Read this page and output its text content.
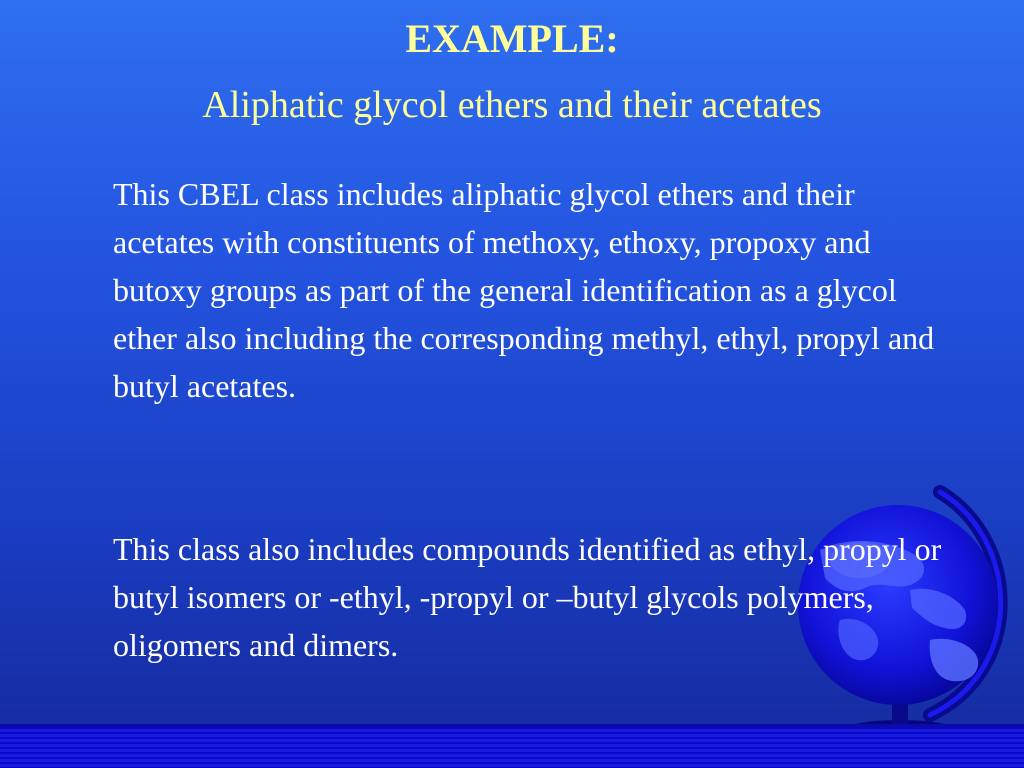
EXAMPLE:
Aliphatic glycol ethers and their acetates
This CBEL class includes aliphatic glycol ethers and their acetates with constituents of methoxy, ethoxy, propoxy and butoxy groups as part of the general identification as a glycol ether also including the corresponding methyl, ethyl, propyl and butyl acetates.
This class also includes compounds identified as ethyl, propyl or butyl isomers or -ethyl, -propyl or –butyl glycols polymers, oligomers and dimers.
